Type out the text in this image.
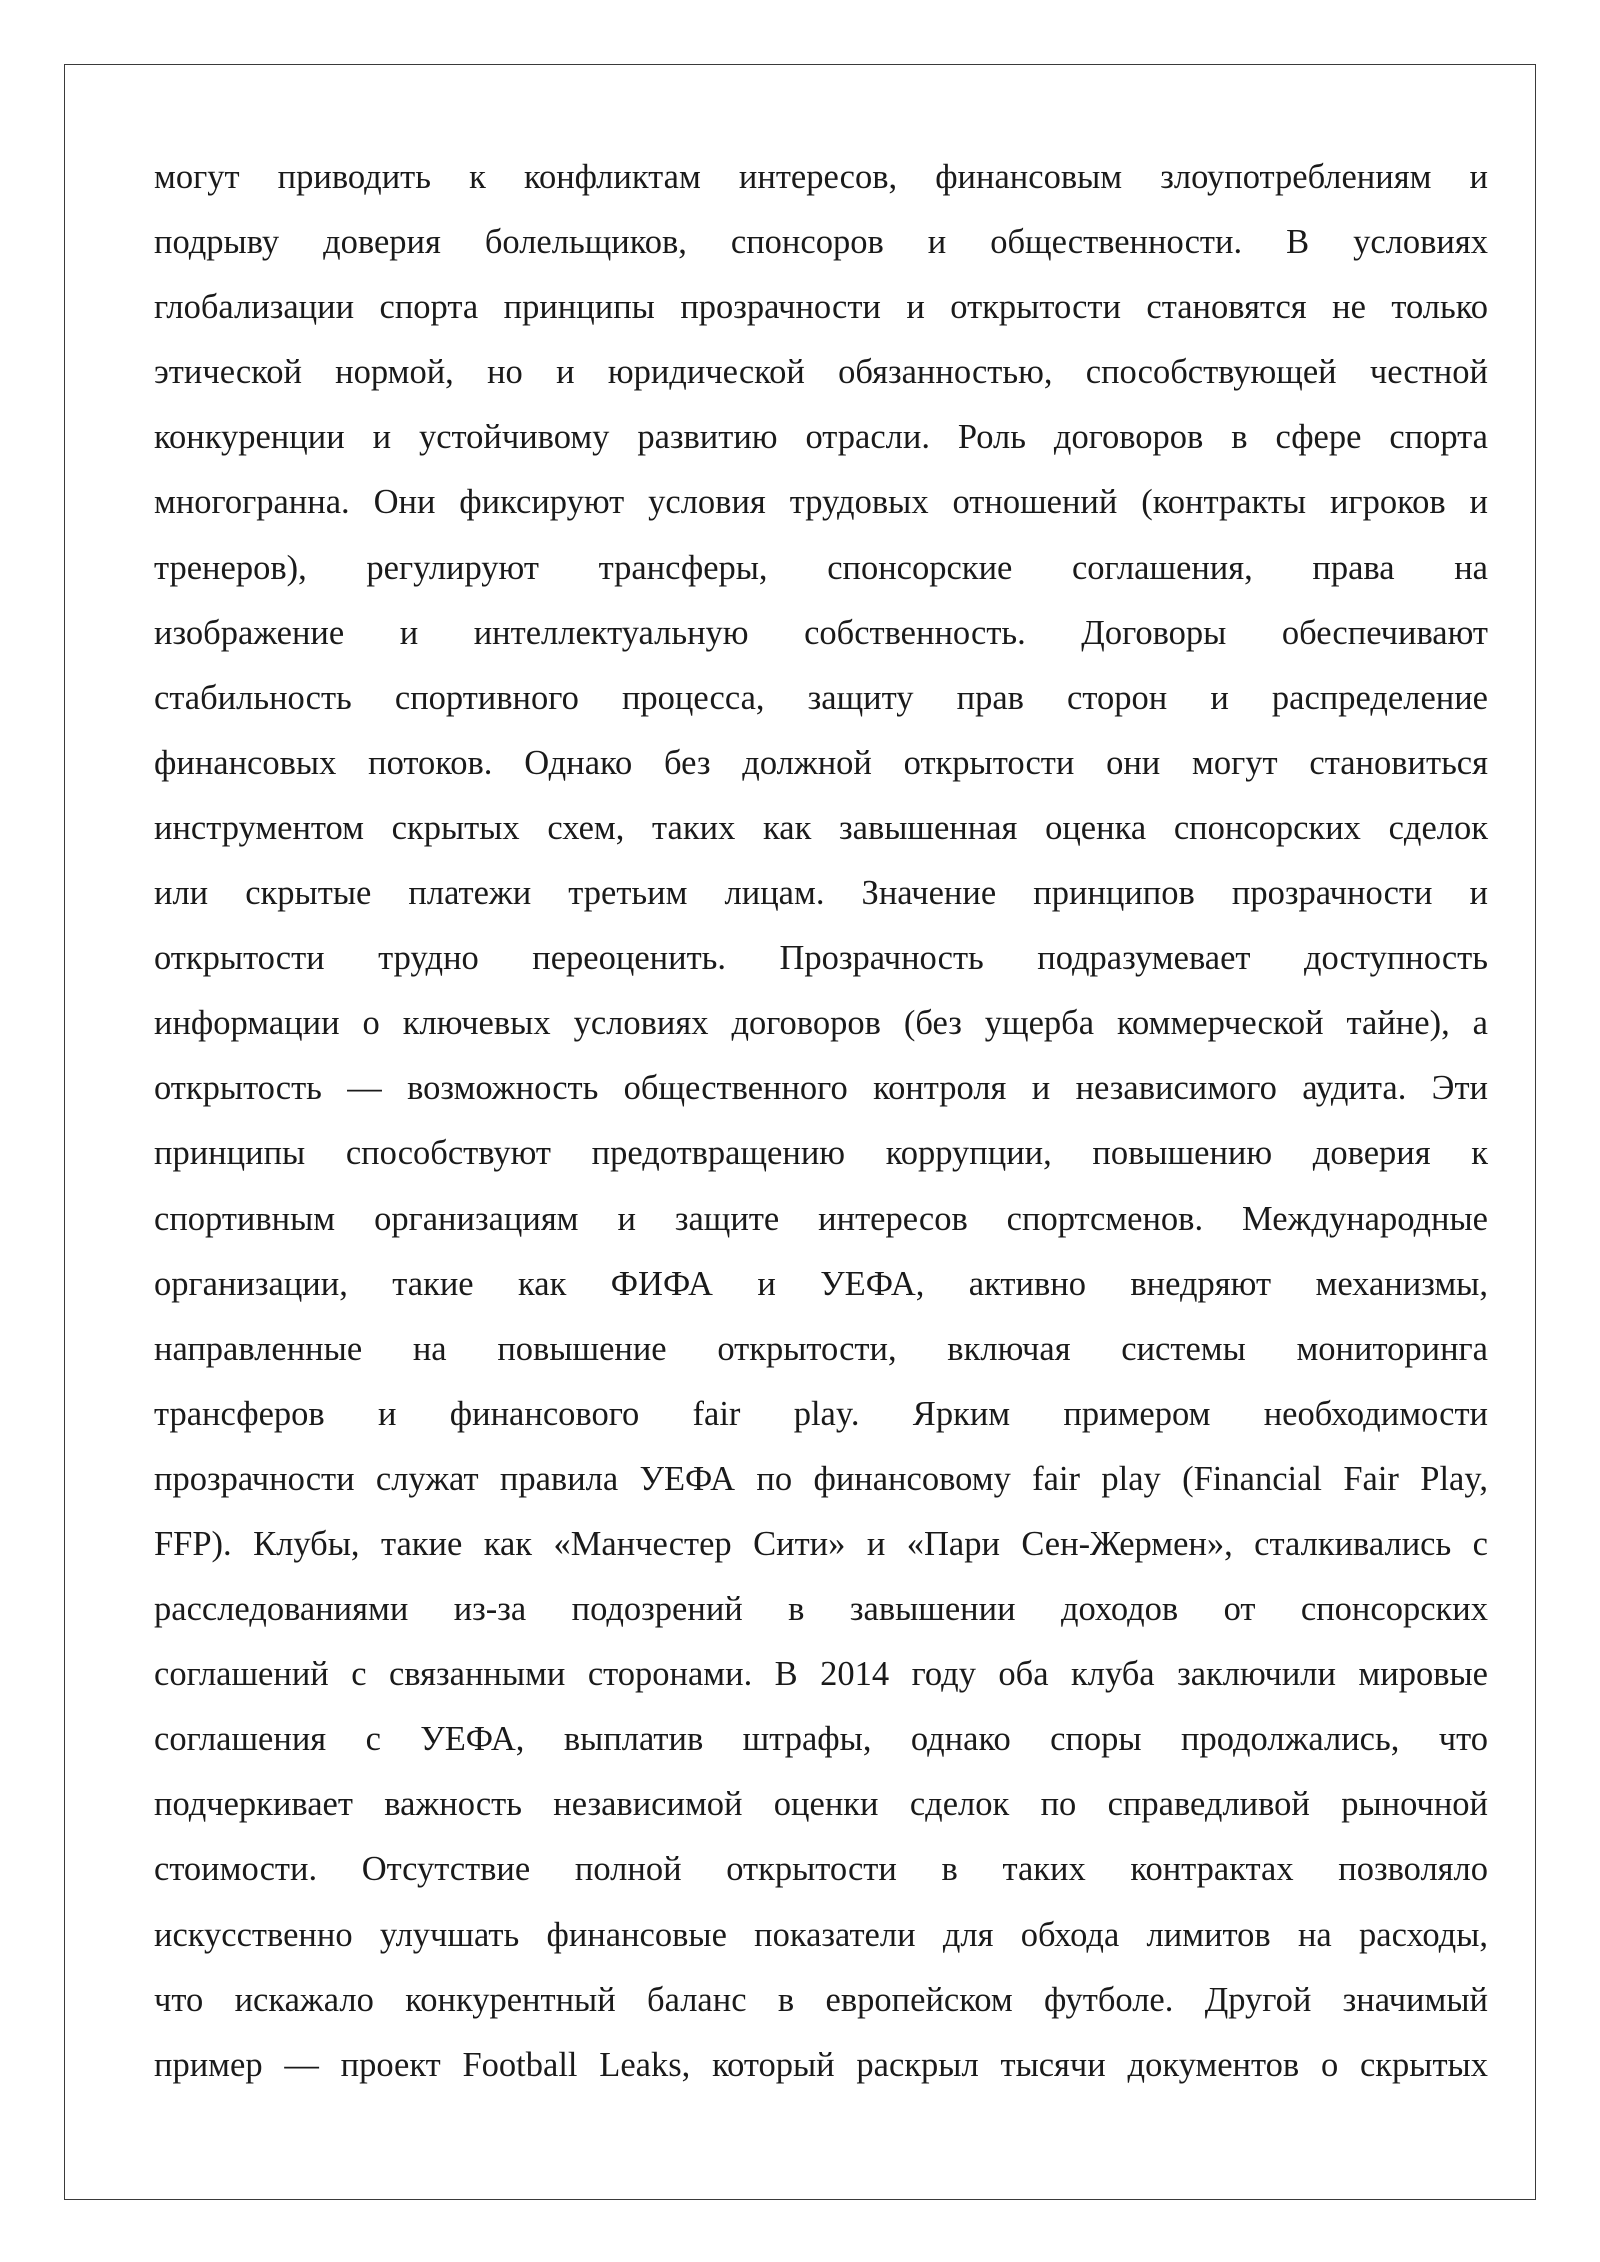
могут приводить к конфликтам интересов, финансовым злоупотреблениям и
подрыву доверия болельщиков, спонсоров и общественности. В условиях
глобализации спорта принципы прозрачности и открытости становятся не только
этической нормой, но и юридической обязанностью, способствующей честной
конкуренции и устойчивому развитию отрасли. Роль договоров в сфере спорта
многогранна. Они фиксируют условия трудовых отношений (контракты игроков и
тренеров), регулируют трансферы, спонсорские соглашения, права на
изображение и интеллектуальную собственность. Договоры обеспечивают
стабильность спортивного процесса, защиту прав сторон и распределение
финансовых потоков. Однако без должной открытости они могут становиться
инструментом скрытых схем, таких как завышенная оценка спонсорских сделок
или скрытые платежи третьим лицам. Значение принципов прозрачности и
открытости трудно переоценить. Прозрачность подразумевает доступность
информации о ключевых условиях договоров (без ущерба коммерческой тайне), а
открытость — возможность общественного контроля и независимого аудита. Эти
принципы способствуют предотвращению коррупции, повышению доверия к
спортивным организациям и защите интересов спортсменов. Международные
организации, такие как ФИФА и УЕФА, активно внедряют механизмы,
направленные на повышение открытости, включая системы мониторинга
трансферов и финансового fair play. Ярким примером необходимости
прозрачности служат правила УЕФА по финансовому fair play (Financial Fair Play,
FFP). Клубы, такие как «Манчестер Сити» и «Пари Сен-Жермен», сталкивались с
расследованиями из-за подозрений в завышении доходов от спонсорских
соглашений с связанными сторонами. В 2014 году оба клуба заключили мировые
соглашения с УЕФА, выплатив штрафы, однако споры продолжались, что
подчеркивает важность независимой оценки сделок по справедливой рыночной
стоимости. Отсутствие полной открытости в таких контрактах позволяло
искусственно улучшать финансовые показатели для обхода лимитов на расходы,
что искажало конкурентный баланс в европейском футболе. Другой значимый
пример — проект Football Leaks, который раскрыл тысячи документов о скрытых
